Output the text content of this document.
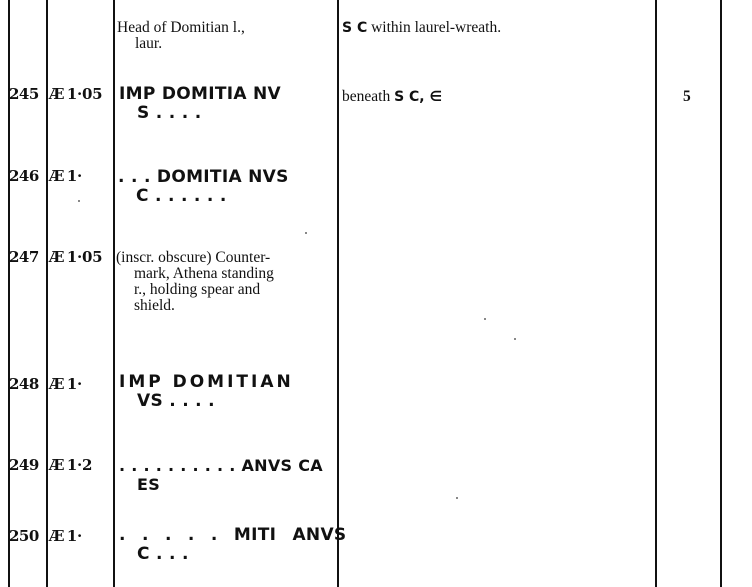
Head of Domitian l.,
laur.
S C within laurel-wreath.
245 Æ  1·05 IMP DOMITIA NV
S . . . .
beneath S C, ∈	5
246 Æ  1· . . . DOMITIA NVS
C . . . . . .
247 Æ  1·05 (inscr. obscure) Counter-
mark, Athena standing
r., holding spear and
shield.
248 Æ  1· IMP DOMITIAN
VS . . . .
249 Æ  1·2 . . . . . . . . . . ANVS CA
ES
250 Æ  1· . . . . . MITI ANVS
C . . .
